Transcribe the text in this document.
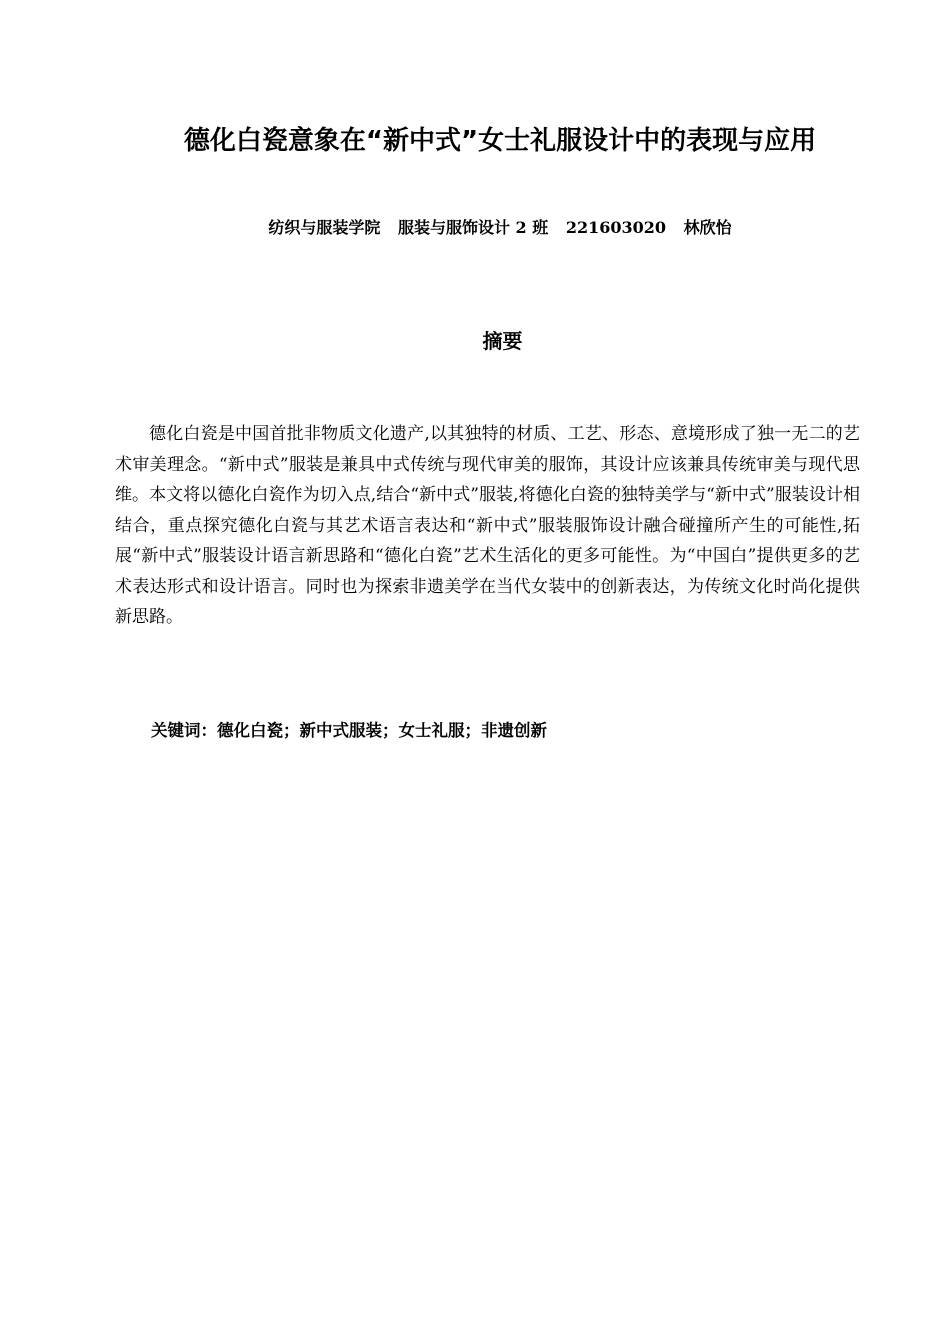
德化白瓷意象在“新中式”女士礼服设计中的表现与应用
纺织与服装学院 服装与服饰设计 2 班 221603020 林欣怡
摘要

德化白瓷是中国首批非物质文化遗产,以其独特的材质、工艺、形态、意境形成了独一无二的艺术审美理念。“新中式”服装是兼具中式传统与现代审美的服饰，其设计应该兼具传统审美与现代思维。本文将以德化白瓷作为切入点,结合“新中式”服装,将德化白瓷的独特美学与“新中式”服装设计相结合，重点探究德化白瓷与其艺术语言表达和“新中式”服装服饰设计融合碰撞所产生的可能性,拓展“新中式”服装设计语言新思路和“德化白瓷”艺术生活化的更多可能性。为“中国白”提供更多的艺术表达形式和设计语言。同时也为探索非遗美学在当代女装中的创新表达，为传统文化时尚化提供新思路。

关键词：德化白瓷；新中式服装；女士礼服；非遗创新
